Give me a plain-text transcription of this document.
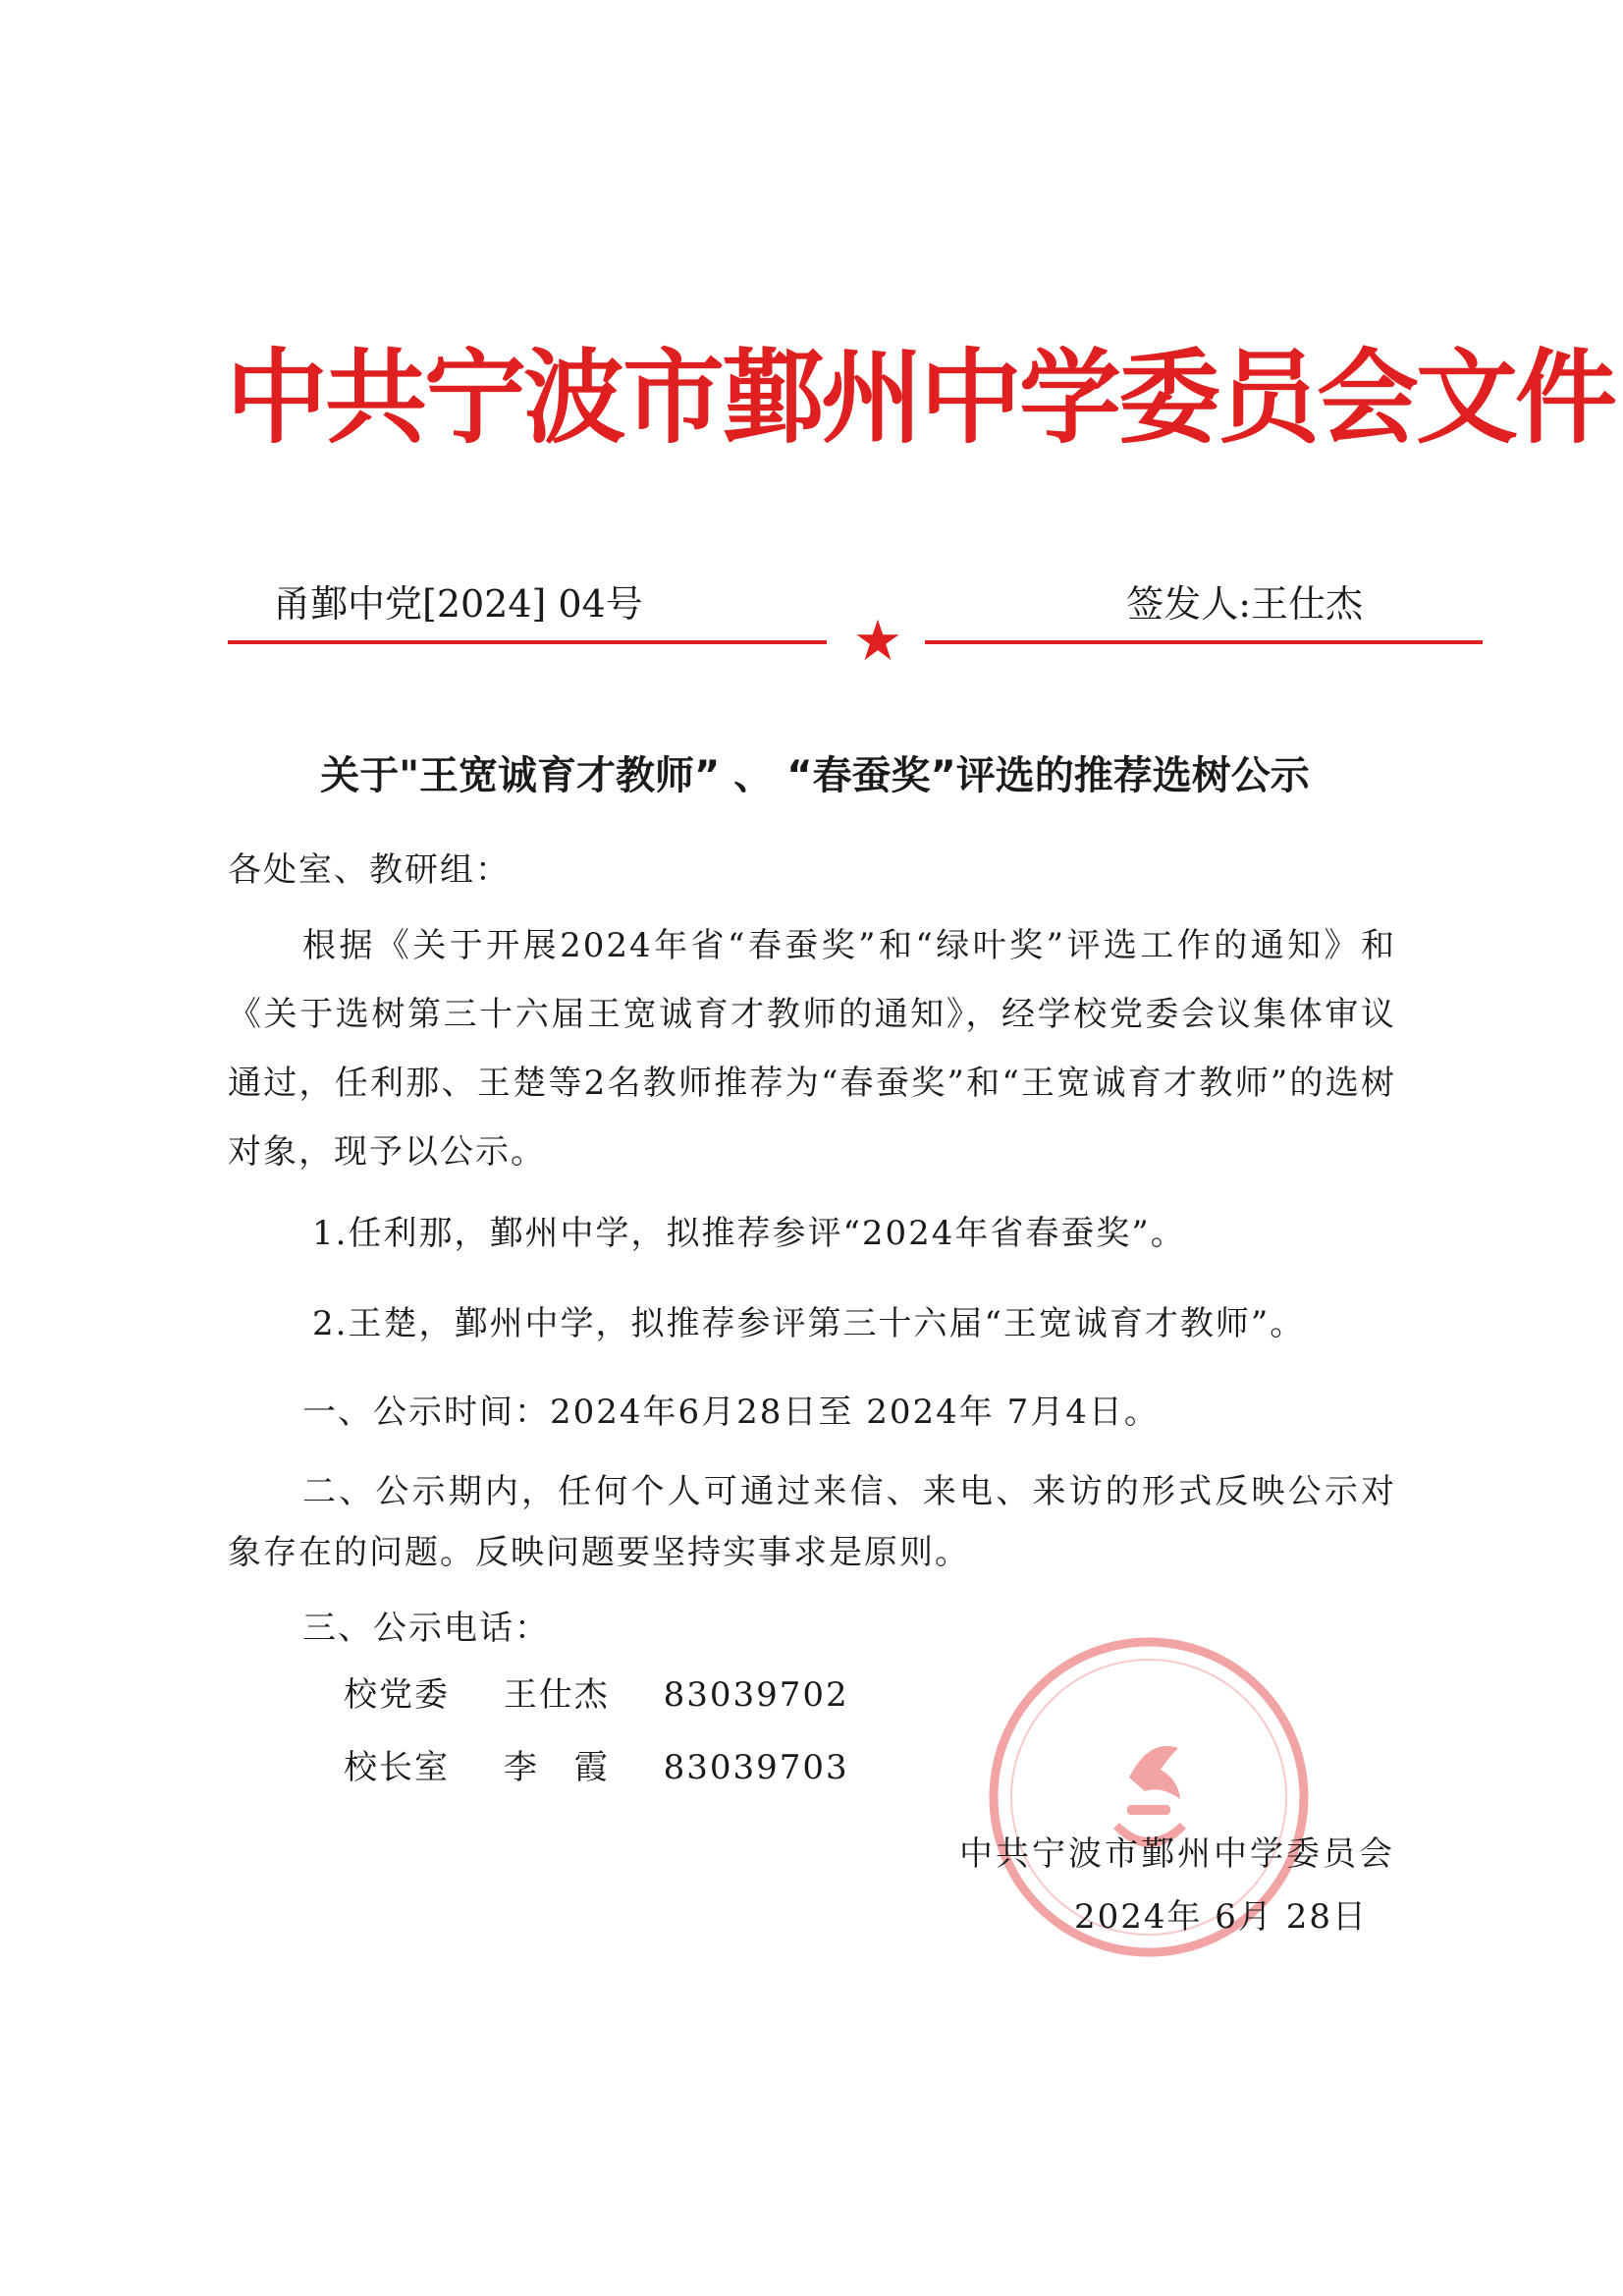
中共宁波市鄞州中学委员会文件
甬鄞中党[2024] 04号	签发人:王仕杰
关于"王宽诚育才教师” 、 “春蚕奖”评选的推荐选树公示
各处室、教研组：
根据《关于开展2024年省“春蚕奖”和“绿叶奖”评选工作的通知》和《关于选树第三十六届王宽诚育才教师的通知》，经学校党委会议集体审议通过，任利那、王楚等2名教师推荐为“春蚕奖”和“王宽诚育才教师”的选树对象，现予以公示。
1.任利那，鄞州中学，拟推荐参评“2024年省春蚕奖”。
2.王楚，鄞州中学，拟推荐参评第三十六届“王宽诚育才教师”。
一、公示时间：2024年6月28日至 2024年 7月4日。
二、公示期内，任何个人可通过来信、来电、来访的形式反映公示对象存在的问题。反映问题要坚持实事求是原则。
三、公示电话：
校党委 王仕杰 83039702
校长室 李　霞 83039703
中共宁波市鄞州中学委员会
2024年 6月 28日
